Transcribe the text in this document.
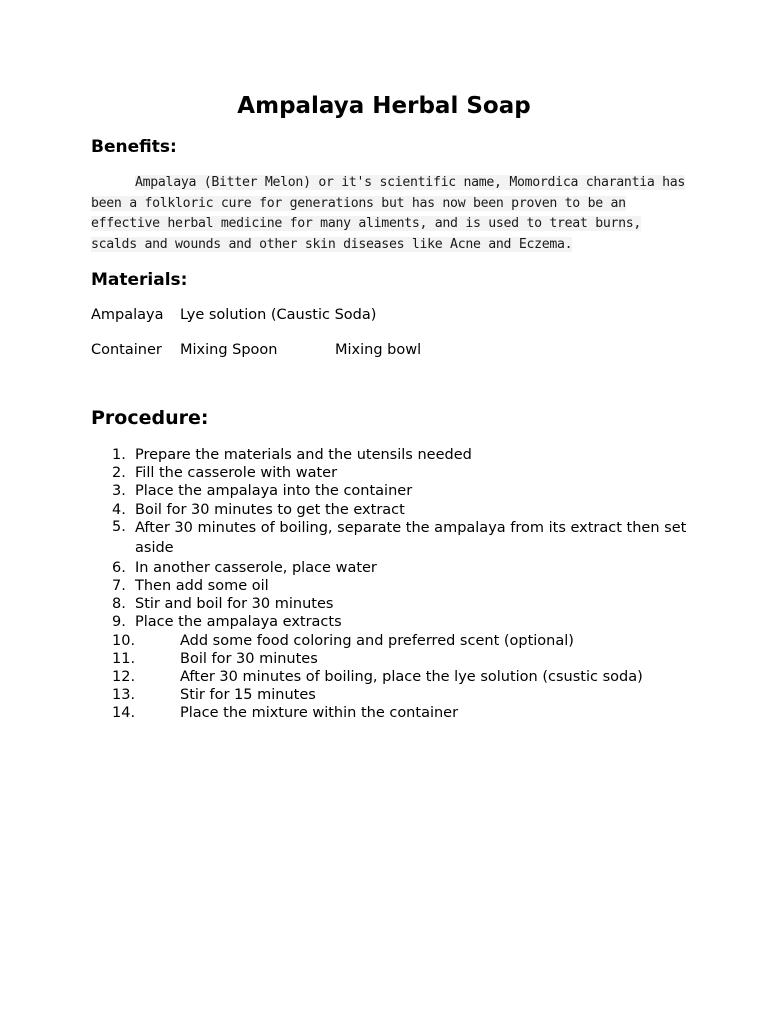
Ampalaya Herbal Soap
Benefits:

Ampalaya (Bitter Melon) or it's scientific name, Momordica charantia has been a folkloric cure for generations but has now been proven to be an effective herbal medicine for many aliments, and is used to treat burns, scalds and wounds and other skin diseases like Acne and Eczema.

Materials:
Ampalaya Lye solution (Caustic Soda)
Container Mixing Spoon	Mixing bowl
Procedure:
1. Prepare the materials and the utensils needed
2. Fill the casserole with water
3. Place the ampalaya into the container
4. Boil for 30 minutes to get the extract
5. After 30 minutes of boiling, separate the ampalaya from its extract then set aside
6. In another casserole, place water
7. Then add some oil
8. Stir and boil for 30 minutes
9. Place the ampalaya extracts
10.	Add some food coloring and preferred scent (optional)
11.	Boil for 30 minutes
12.	After 30 minutes of boiling, place the lye solution (csustic soda)
13.	Stir for 15 minutes
14.	Place the mixture within the container
